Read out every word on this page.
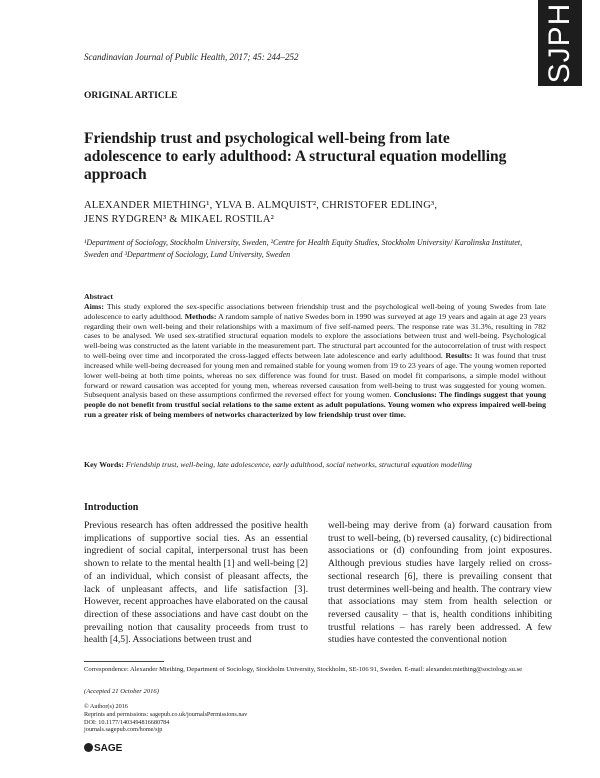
Scandinavian Journal of Public Health, 2017; 45: 244–252	SJPH
ORIGINAL ARTICLE
Friendship trust and psychological well-being from late adolescence to early adulthood: A structural equation modelling approach
ALEXANDER MIETHING¹, YLVA B. ALMQUIST², CHRISTOFER EDLING³,
JENS RYDGREN³ & MIKAEL ROSTILA²
¹Department of Sociology, Stockholm University, Sweden, ²Centre for Health Equity Studies, Stockholm University/ Karolinska Institutet, Sweden and ³Department of Sociology, Lund University, Sweden
Abstract
Aims: This study explored the sex-specific associations between friendship trust and the psychological well-being of young Swedes from late adolescence to early adulthood. Methods: A random sample of native Swedes born in 1990 was surveyed at age 19 years and again at age 23 years regarding their own well-being and their relationships with a maximum of five self-named peers. The response rate was 31.3%, resulting in 782 cases to be analysed. We used sex-stratified structural equation models to explore the associations between trust and well-being. Psychological well-being was constructed as the latent variable in the measurement part. The structural part accounted for the autocorrelation of trust with respect to well-being over time and incorporated the cross-lagged effects between late adolescence and early adulthood. Results: It was found that trust increased while well-being decreased for young men and remained stable for young women from 19 to 23 years of age. The young women reported lower well-being at both time points, whereas no sex difference was found for trust. Based on model fit comparisons, a simple model without forward or reward causation was accepted for young men, whereas reversed causation from well-being to trust was suggested for young women. Subsequent analysis based on these assumptions confirmed the reversed effect for young women. Conclusions: The findings suggest that young people do not benefit from trustful social relations to the same extent as adult populations. Young women who express impaired well-being run a greater risk of being members of networks characterized by low friendship trust over time.
Key Words: Friendship trust, well-being, late adolescence, early adulthood, social networks, structural equation modelling
Introduction
Previous research has often addressed the positive health implications of supportive social ties. As an essential ingredient of social capital, interpersonal trust has been shown to relate to the mental health [1] and well-being [2] of an individual, which consist of pleasant affects, the lack of unpleasant affects, and life satisfaction [3]. However, recent approaches have elaborated on the causal direction of these associations and have cast doubt on the prevailing notion that causality proceeds from trust to health [4,5]. Associations between trust and
well-being may derive from (a) forward causation from trust to well-being, (b) reversed causality, (c) bidirectional associations or (d) confounding from joint exposures. Although previous studies have largely relied on cross-sectional research [6], there is prevailing consent that trust determines well-being and health. The contrary view that associations may stem from health selection or reversed causality – that is, health conditions inhibiting trustful relations – has rarely been addressed. A few studies have contested the conventional notion
Correspondence: Alexander Miething, Department of Sociology, Stockholm University, Stockholm, SE-106 91, Sweden. E-mail: alexander.miething@sociology.su.se
(Accepted 21 October 2016)
© Author(s) 2016
Reprints and permissions: sagepub.co.uk/journalsPermissions.nav
DOI: 10.1177/1403494816680784
journals.sagepub.com/home/sjp
SAGE
